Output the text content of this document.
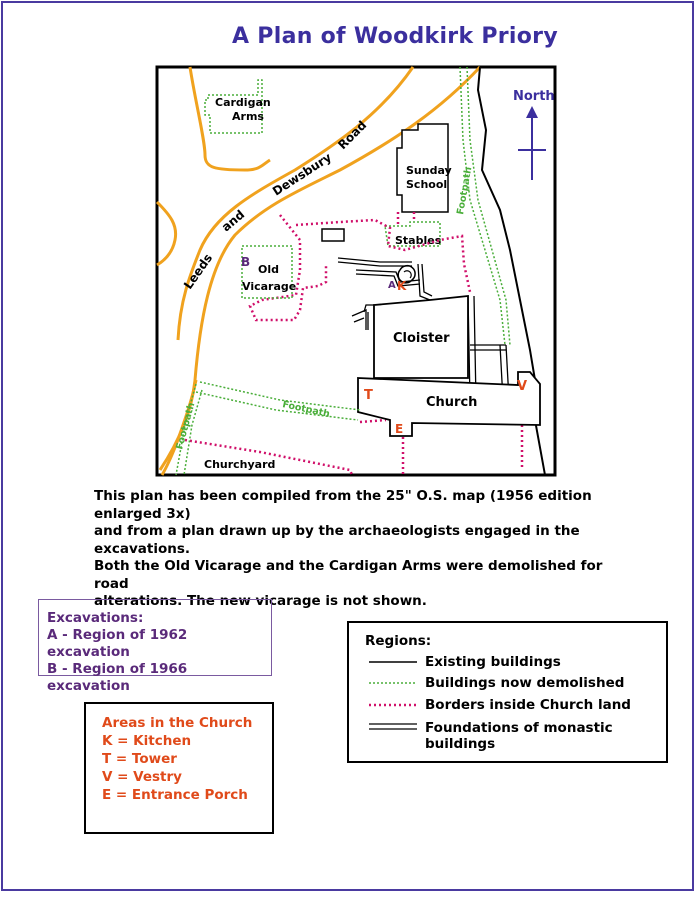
A Plan of Woodkirk Priory
Cardigan
Arms
Leeds
and
Dewsbury
Road
Sunday
School Footpath
North
Stables
B
Old
Vicarage
Cloister
K
A
Church
T
V
E
Footpath
Footpath
Churchyard
This plan has been compiled from the 25" O.S. map (1956 edition enlarged 3x)
and from a plan drawn up by the archaeologists engaged in the excavations.
Both the Old Vicarage and the Cardigan Arms were demolished for road
alterations. The new vicarage is not shown.
Excavations:
A - Region of 1962 excavation
B - Region of 1966 excavation
Areas in the Church
K = Kitchen
T = Tower
V = Vestry
E = Entrance Porch
Regions:
Existing buildings
Buildings now demolished
Borders inside Church land
Foundations of monastic buildings
